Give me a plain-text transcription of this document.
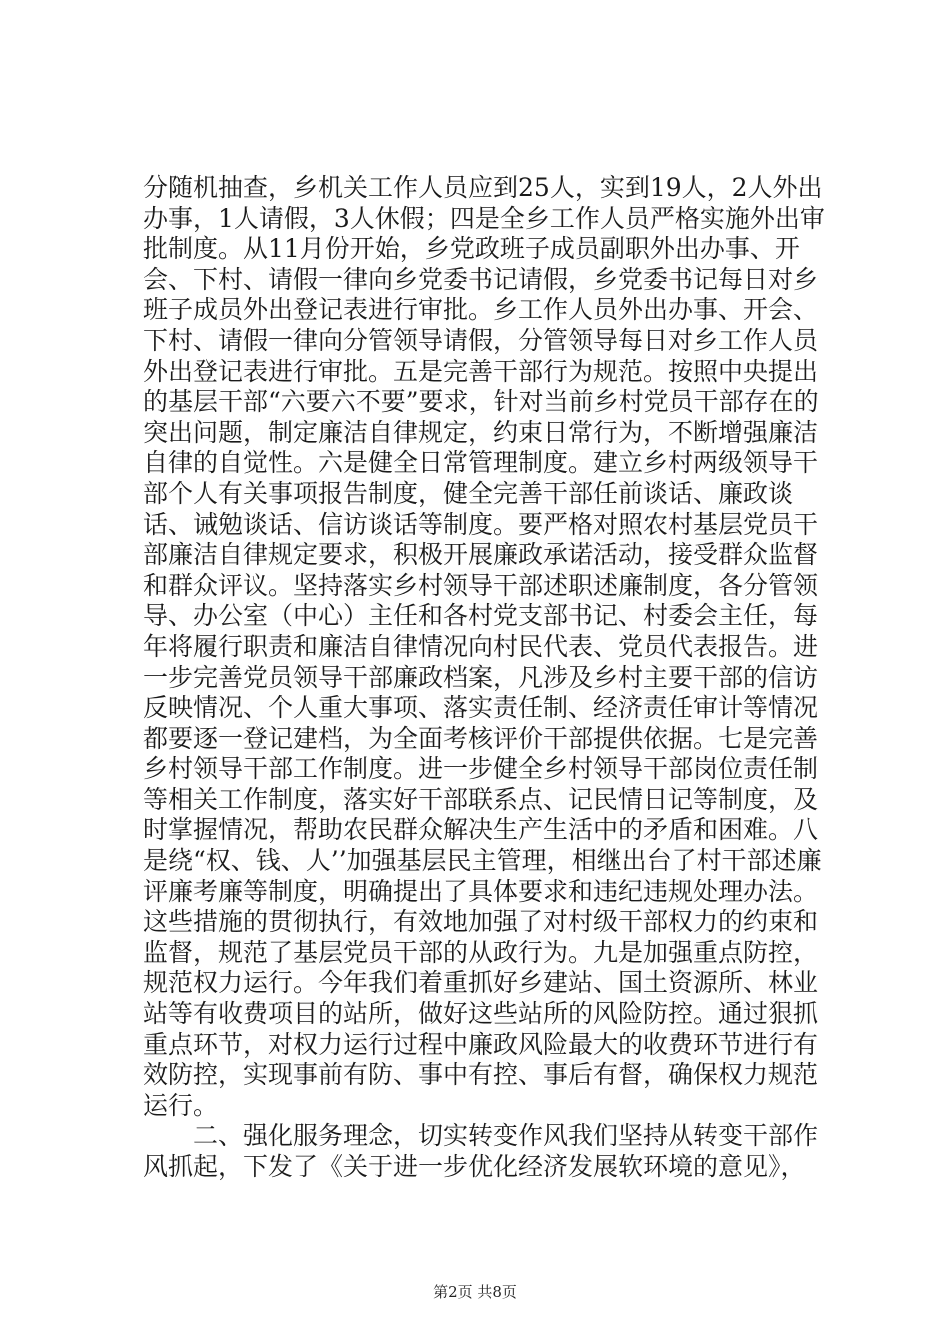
分随机抽查，乡机关工作人员应到25人，实到19人，2人外出办事，1人请假，3人休假；四是全乡工作人员严格实施外出审批制度。从11月份开始，乡党政班子成员副职外出办事、开会、下村、请假一律向乡党委书记请假，乡党委书记每日对乡班子成员外出登记表进行审批。乡工作人员外出办事、开会、下村、请假一律向分管领导请假，分管领导每日对乡工作人员外出登记表进行审批。五是完善干部行为规范。按照中央提出的基层干部“六要六不要”要求，针对当前乡村党员干部存在的突出问题，制定廉洁自律规定，约束日常行为，不断增强廉洁自律的自觉性。六是健全日常管理制度。建立乡村两级领导干部个人有关事项报告制度，健全完善干部任前谈话、廉政谈话、诫勉谈话、信访谈话等制度。要严格对照农村基层党员干部廉洁自律规定要求，积极开展廉政承诺活动，接受群众监督和群众评议。坚持落实乡村领导干部述职述廉制度，各分管领导、办公室（中心）主任和各村党支部书记、村委会主任，每年将履行职责和廉洁自律情况向村民代表、党员代表报告。进一步完善党员领导干部廉政档案，凡涉及乡村主要干部的信访反映情况、个人重大事项、落实责任制、经济责任审计等情况都要逐一登记建档，为全面考核评价干部提供依据。七是完善乡村领导干部工作制度。进一步健全乡村领导干部岗位责任制等相关工作制度，落实好干部联系点、记民情日记等制度，及时掌握情况，帮助农民群众解决生产生活中的矛盾和困难。八是绕“权、钱、人’’加强基层民主管理，相继出台了村干部述廉评廉考廉等制度，明确提出了具体要求和违纪违规处理办法。这些措施的贯彻执行，有效地加强了对村级干部权力的约束和监督，规范了基层党员干部的从政行为。九是加强重点防控，规范权力运行。今年我们着重抓好乡建站、国土资源所、林业站等有收费项目的站所，做好这些站所的风险防控。通过狠抓重点环节，对权力运行过程中廉政风险最大的收费环节进行有效防控，实现事前有防、事中有控、事后有督，确保权力规范运行。

二、强化服务理念，切实转变作风我们坚持从转变干部作风抓起，下发了《关于进一步优化经济发展软环境的意见》，

第2页 共8页
